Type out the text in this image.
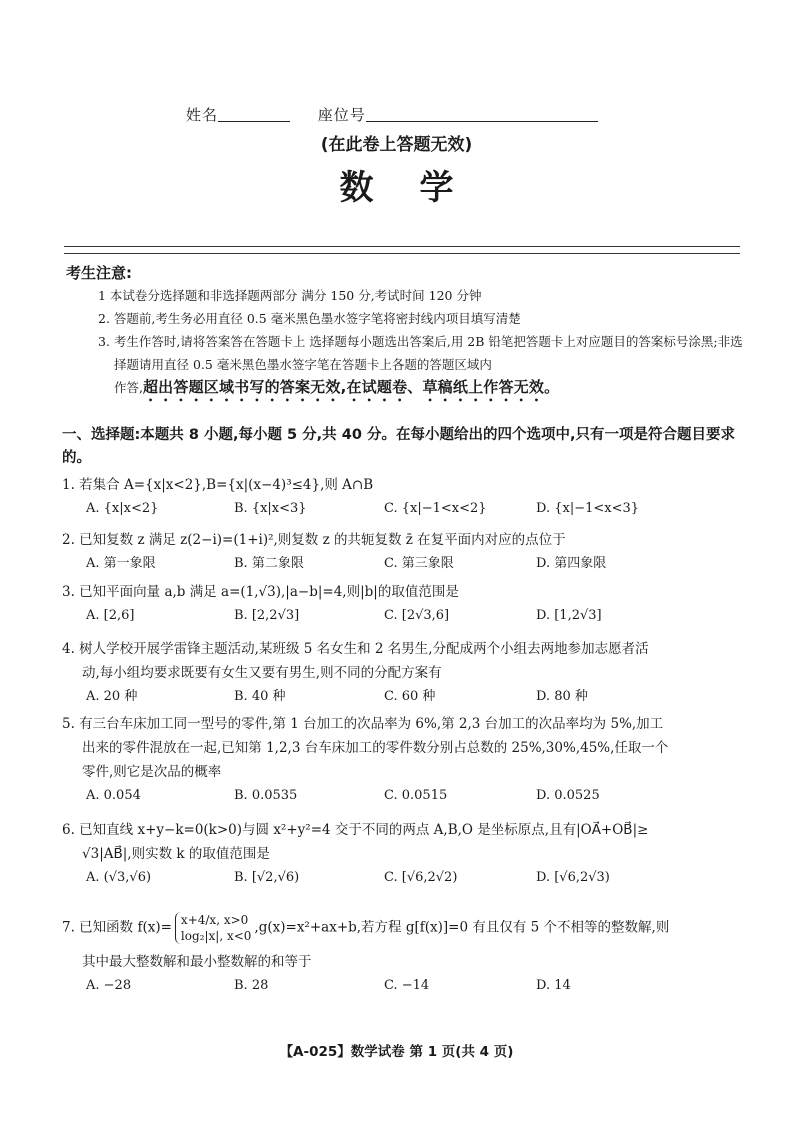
姓名	座位号
(在此卷上答题无效)
数学
考生注意:
1 本试卷分选择题和非选择题两部分 满分 150 分,考试时间 120 分钟
2. 答题前,考生务必用直径 0.5 毫米黑色墨水签字笔将密封线内项目填写清楚
3. 考生作答时,请将答案答在答题卡上 选择题每小题选出答案后,用 2B 铅笔把答题卡上对应题目的答案标号涂黑;非选择题请用直径 0.5 毫米黑色墨水签字笔在答题卡上各题的答题区域内
作答,超出答题区域书写的答案无效,在试题卷、草稿纸上作答无效。
一、选择题:本题共 8 小题,每小题 5 分,共 40 分。在每小题给出的四个选项中,只有一项是符合题目要求的。
1. 若集合 A={x|x<2},B={x|(x−4)³≤4},则 A∩B
A. {x|x<2}	B. {x|x<3}	C. {x|−1<x<2}	D. {x|−1<x<3}
2. 已知复数 z 满足 z(2−i)=(1+i)²,则复数 z 的共轭复数 z̄ 在复平面内对应的点位于
A. 第一象限	B. 第二象限	C. 第三象限	D. 第四象限
3. 已知平面向量 a,b 满足 a=(1,√3),|a−b|=4,则|b|的取值范围是
A. [2,6]	B. [2,2√3]	C. [2√3,6]	D. [1,2√3]
4. 树人学校开展学雷锋主题活动,某班级 5 名女生和 2 名男生,分配成两个小组去两地参加志愿者活
动,每小组均要求既要有女生又要有男生,则不同的分配方案有
A. 20 种	B. 40 种	C. 60 种	D. 80 种
5. 有三台车床加工同一型号的零件,第 1 台加工的次品率为 6%,第 2,3 台加工的次品率均为 5%,加工
出来的零件混放在一起,已知第 1,2,3 台车床加工的零件数分别占总数的 25%,30%,45%,任取一个
零件,则它是次品的概率
A. 0.054	B. 0.0535	C. 0.0515	D. 0.0525
6. 已知直线 x+y−k=0(k>0)与圆 x²+y²=4 交于不同的两点 A,B,O 是坐标原点,且有|OA⃗+OB⃗|≥
√3|AB⃗|,则实数 k 的取值范围是
A. (√3,√6)	B. [√2,√6)	C. [√6,2√2)	D. [√6,2√3)
7. 已知函数 f(x)= x+4/x, x>0
log₂|x|, x<0,g(x)=x²+ax+b,若方程 g[f(x)]=0 有且仅有 5 个不相等的整数解,则
其中最大整数解和最小整数解的和等于
A. −28	B. 28	C. −14	D. 14
【A-025】数学试卷 第 1 页(共 4 页)
